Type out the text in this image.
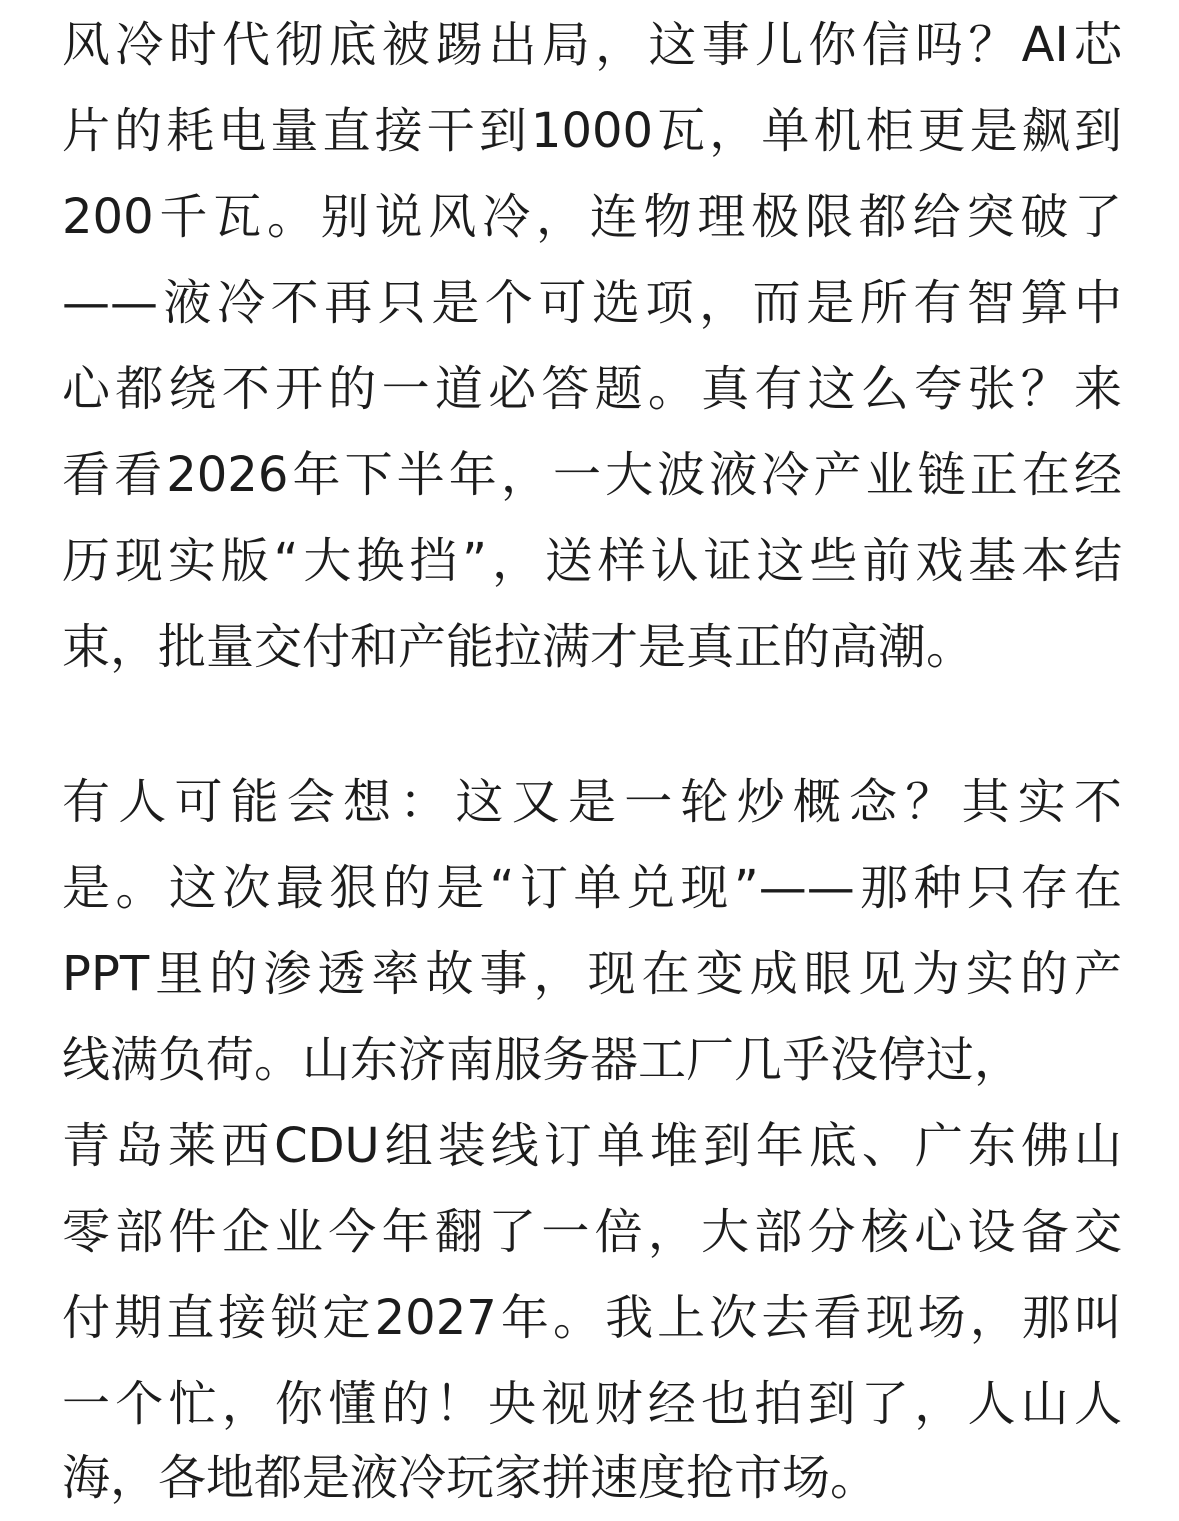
风冷时代彻底被踢出局，这事儿你信吗？AI芯
片的耗电量直接干到1000瓦，单机柜更是飙到
200千瓦。别说风冷，连物理极限都给突破了
——液冷不再只是个可选项，而是所有智算中
心都绕不开的一道必答题。真有这么夸张？来
看看2026年下半年，一大波液冷产业链正在经
历现实版“大换挡”，送样认证这些前戏基本结
束，批量交付和产能拉满才是真正的高潮。
有人可能会想：这又是一轮炒概念？其实不
是。这次最狠的是“订单兑现”——那种只存在
PPT里的渗透率故事，现在变成眼见为实的产
线满负荷。山东济南服务器工厂几乎没停过，
青岛莱西CDU组装线订单堆到年底、广东佛山
零部件企业今年翻了一倍，大部分核心设备交
付期直接锁定2027年。我上次去看现场，那叫
一个忙，你懂的！央视财经也拍到了，人山人
海，各地都是液冷玩家拼速度抢市场。
